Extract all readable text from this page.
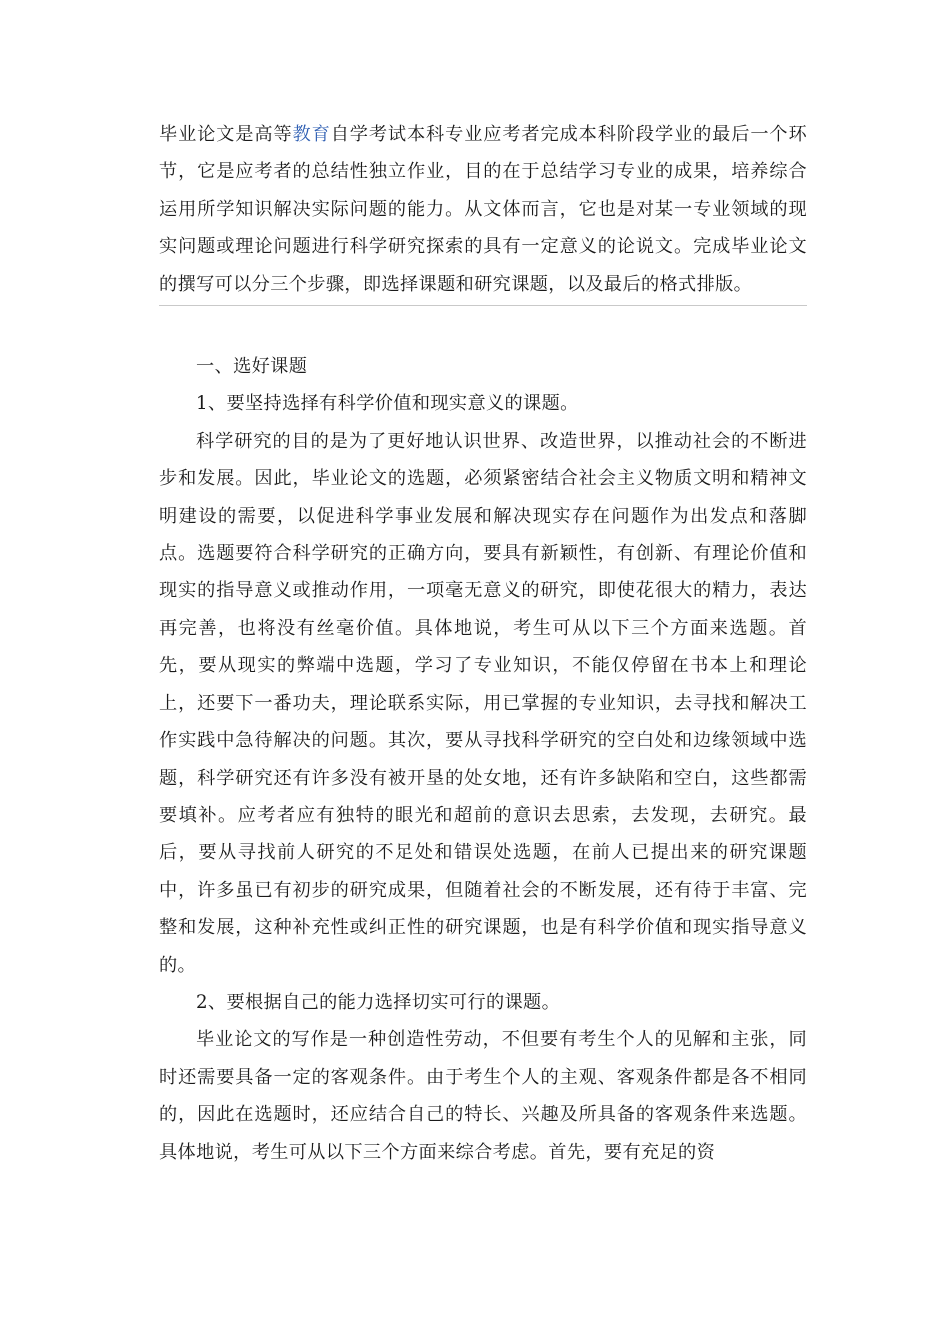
毕业论文是高等教育自学考试本科专业应考者完成本科阶段学业的最后一个环节，它是应考者的总结性独立作业，目的在于总结学习专业的成果，培养综合运用所学知识解决实际问题的能力。从文体而言，它也是对某一专业领域的现实问题或理论问题进行科学研究探索的具有一定意义的论说文。完成毕业论文的撰写可以分三个步骤，即选择课题和研究课题，以及最后的格式排版。

一、选好课题

1、要坚持选择有科学价值和现实意义的课题。

科学研究的目的是为了更好地认识世界、改造世界，以推动社会的不断进步和发展。因此，毕业论文的选题，必须紧密结合社会主义物质文明和精神文明建设的需要，以促进科学事业发展和解决现实存在问题作为出发点和落脚点。选题要符合科学研究的正确方向，要具有新颖性，有创新、有理论价值和现实的指导意义或推动作用，一项毫无意义的研究，即使花很大的精力，表达再完善，也将没有丝毫价值。具体地说，考生可从以下三个方面来选题。首先，要从现实的弊端中选题，学习了专业知识，不能仅停留在书本上和理论上，还要下一番功夫，理论联系实际，用已掌握的专业知识，去寻找和解决工作实践中急待解决的问题。其次，要从寻找科学研究的空白处和边缘领域中选题，科学研究还有许多没有被开垦的处女地，还有许多缺陷和空白，这些都需要填补。应考者应有独特的眼光和超前的意识去思索，去发现，去研究。最后，要从寻找前人研究的不足处和错误处选题，在前人已提出来的研究课题中，许多虽已有初步的研究成果，但随着社会的不断发展，还有待于丰富、完整和发展，这种补充性或纠正性的研究课题，也是有科学价值和现实指导意义的。

2、要根据自己的能力选择切实可行的课题。

毕业论文的写作是一种创造性劳动，不但要有考生个人的见解和主张，同时还需要具备一定的客观条件。由于考生个人的主观、客观条件都是各不相同的，因此在选题时，还应结合自己的特长、兴趣及所具备的客观条件来选题。具体地说，考生可从以下三个方面来综合考虑。首先，要有充足的资
